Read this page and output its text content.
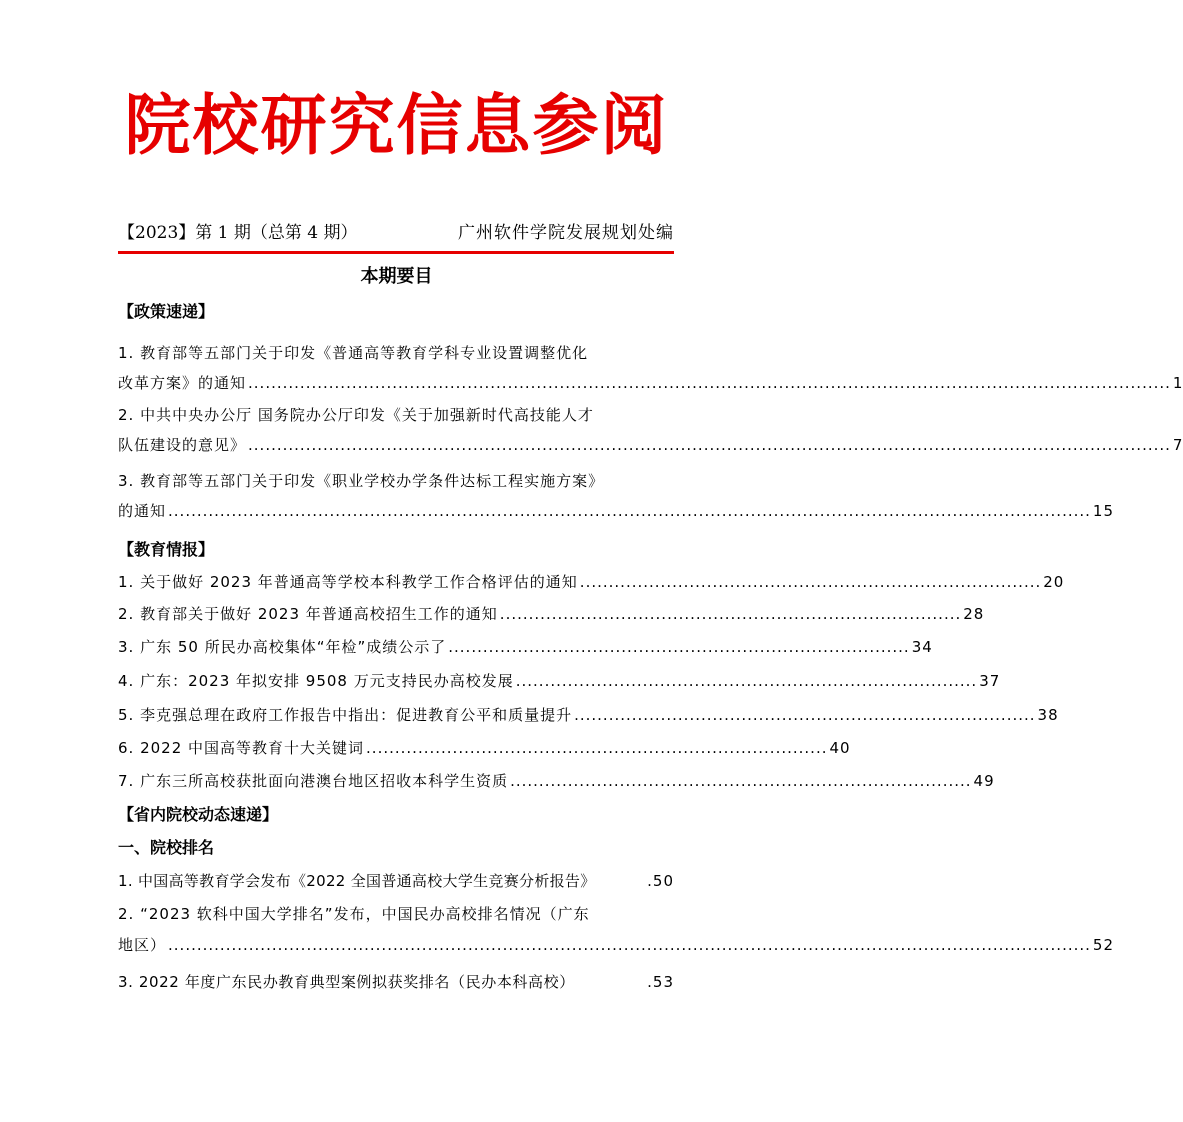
院校研究信息参阅
【2023】第 1 期（总第 4 期）	广州软件学院发展规划处编
本期要目
【政策速递】
1. 教育部等五部门关于印发《普通高等教育学科专业设置调整优化
改革方案》的通知 ................................................................................................................................................................ 1
2. 中共中央办公厅 国务院办公厅印发《关于加强新时代高技能人才
队伍建设的意见》 ................................................................................................................................................................ 7
3. 教育部等五部门关于印发《职业学校办学条件达标工程实施方案》
的通知 ................................................................................................................................................................ 15
【教育情报】
1. 关于做好 2023 年普通高等学校本科教学工作合格评估的通知 ................................................................................ 20
2. 教育部关于做好 2023 年普通高校招生工作的通知 ................................................................................ 28
3. 广东 50 所民办高校集体“年检”成绩公示了 ................................................................................ 34
4. 广东：2023 年拟安排 9508 万元支持民办高校发展 ................................................................................ 37
5. 李克强总理在政府工作报告中指出：促进教育公平和质量提升 ................................................................................ 38
6. 2022 中国高等教育十大关键词 ................................................................................ 40
7. 广东三所高校获批面向港澳台地区招收本科学生资质 ................................................................................ 49
【省内院校动态速递】
一、院校排名
1. 中国高等教育学会发布《2022 全国普通高校大学生竞赛分析报告》	.50
2. “2023 软科中国大学排名”发布，中国民办高校排名情况（广东
地区） ................................................................................................................................................................ 52
3. 2022 年度广东民办教育典型案例拟获奖排名（民办本科高校）	.53
